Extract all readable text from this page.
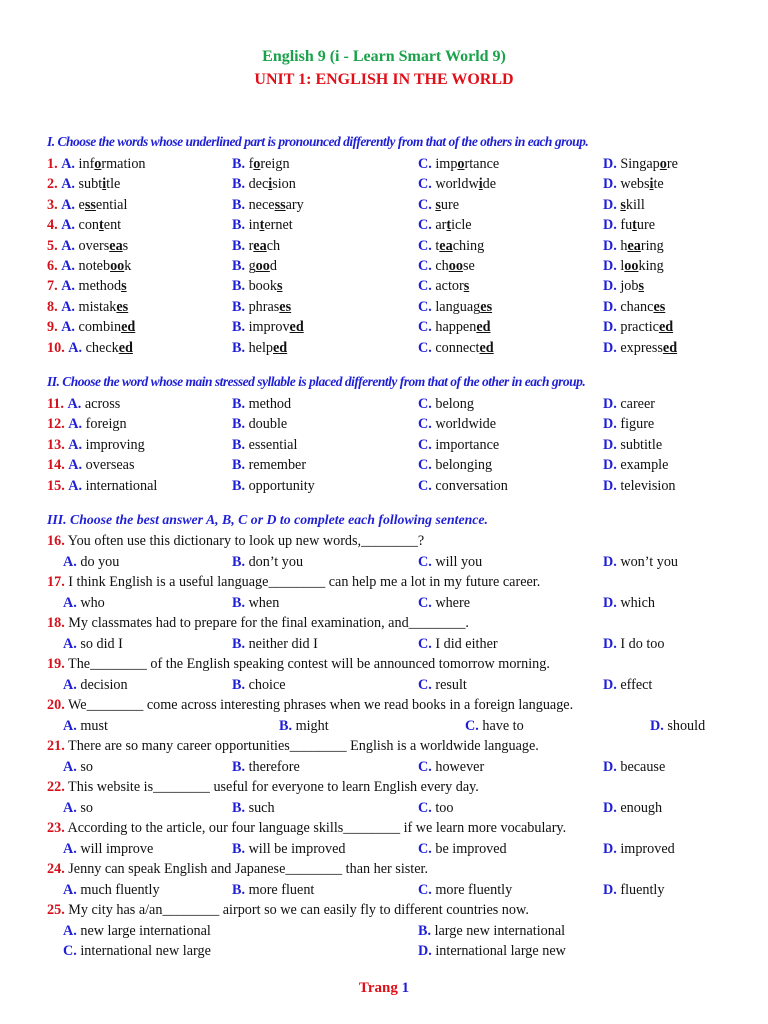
English 9 (i - Learn Smart World 9)
UNIT 1: ENGLISH IN THE WORLD
I. Choose the words whose underlined part is pronounced differently from that of the others in each group.
II. Choose the word whose main stressed syllable is placed differently from that of the other in each group.
III. Choose the best answer A, B, C or D to complete each following sentence.
1. A. information	B. foreign	C. importance	D. Singapore
2. A. subtitle	B. decision	C. worldwide	D. website
3. A. essential	B. necessary	C. sure	D. skill
4. A. content	B. internet	C. article	D. future
5. A. overseas	B. reach	C. teaching	D. hearing
6. A. notebook	B. good	C. choose	D. looking
7. A. methods	B. books	C. actors	D. jobs
8. A. mistakes	B. phrases	C. languages	D. chances
9. A. combined	B. improved	C. happened	D. practiced
10. A. checked	B. helped	C. connected	D. expressed
11. A. across	B. method	C. belong	D. career
12. A. foreign	B. double	C. worldwide	D. figure
13. A. improving	B. essential	C. importance	D. subtitle
14. A. overseas	B. remember	C. belonging	D. example
15. A. international	B. opportunity	C. conversation	D. television
16. You often use this dictionary to look up new words,________?
A. do you	B. don’t you	C. will you	D. won’t you
17. I think English is a useful language________ can help me a lot in my future career.
A. who	B. when	C. where	D. which
18. My classmates had to prepare for the final examination, and________.
A. so did I	B. neither did I	C. I did either	D. I do too
19. The________ of the English speaking contest will be announced tomorrow morning.
A. decision	B. choice	C. result	D. effect
20. We________ come across interesting phrases when we read books in a foreign language.
A. must	B. might	C. have to	D. should
21. There are so many career opportunities________ English is a worldwide language.
A. so	B. therefore	C. however	D. because
22. This website is________ useful for everyone to learn English every day.
A. so	B. such	C. too	D. enough
23. According to the article, our four language skills________ if we learn more vocabulary.
A. will improve	B. will be improved	C. be improved	D. improved
24. Jenny can speak English and Japanese________ than her sister.
A. much fluently	B. more fluent	C. more fluently	D. fluently
25. My city has a/an________ airport so we can easily fly to different countries now.
A. new large international	B. large new international
C. international new large	D. international large new
Trang 1
